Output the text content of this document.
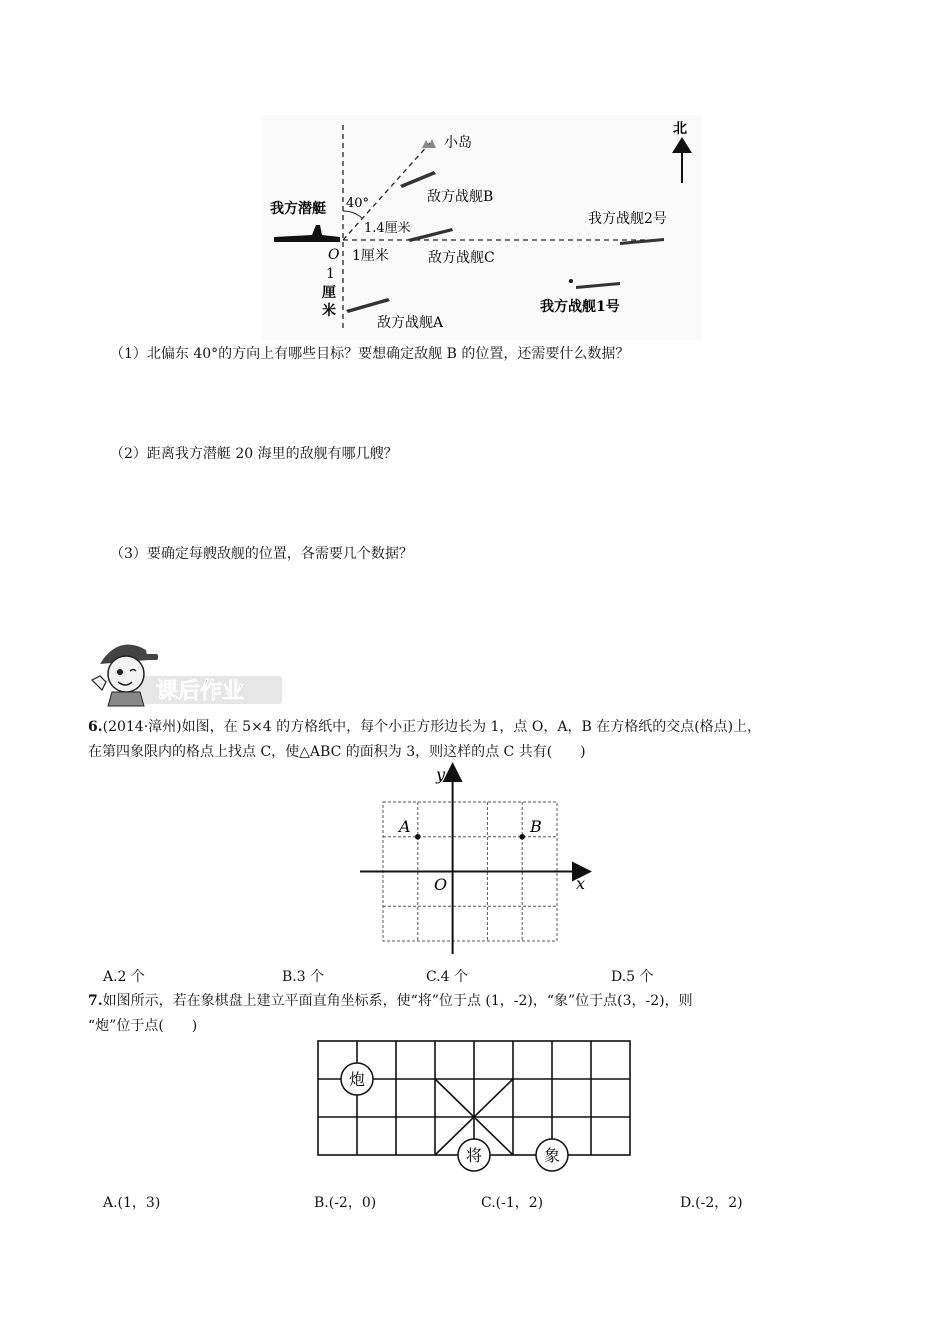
小岛
北
我方潜艇 40°
1.4厘米
O 1厘米
1
厘
米
敌方战舰B
敌方战舰C
敌方战舰A
我方战舰2号
我方战舰1号
（1）北偏东 40°的方向上有哪些目标？要想确定敌舰 B 的位置，还需要什么数据？
（2）距离我方潜艇 20 海里的敌舰有哪几艘？
（3）要确定每艘敌舰的位置，各需要几个数据？
课后作业
6.(2014·漳州)如图，在 5×4 的方格纸中，每个小正方形边长为 1，点 O，A，B 在方格纸的交点(格点)上，
在第四象限内的格点上找点 C，使△ABC 的面积为 3，则这样的点 C 共有(　　)
y
x
O
A	B
A.2 个	B.3 个	C.4 个	D.5 个
7.如图所示，若在象棋盘上建立平面直角坐标系，使“将”位于点 (1，-2)，“象”位于点(3，-2)，则
“炮”位于点(　　)
炮
将	象
A.(1，3)	B.(-2，0)	C.(-1，2)	D.(-2，2)
